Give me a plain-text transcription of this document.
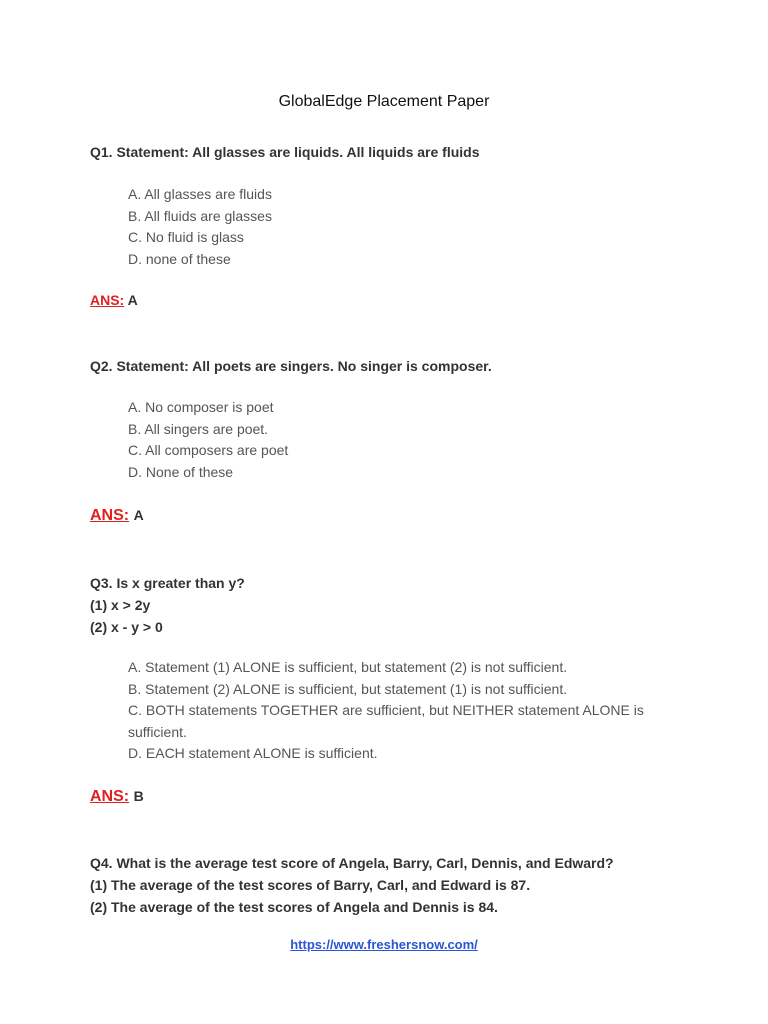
GlobalEdge Placement Paper
Q1. Statement: All glasses are liquids. All liquids are fluids
A. All glasses are fluids
B. All fluids are glasses
C. No fluid is glass
D. none of these
ANS: A
Q2. Statement: All poets are singers. No singer is composer.
A. No composer is poet
B. All singers are poet.
C. All composers are poet
D. None of these
ANS: A
Q3. Is x greater than y?
(1) x > 2y
(2) x - y > 0
A. Statement (1) ALONE is sufficient, but statement (2) is not sufficient.
B. Statement (2) ALONE is sufficient, but statement (1) is not sufficient.
C. BOTH statements TOGETHER are sufficient, but NEITHER statement ALONE is sufficient.
D. EACH statement ALONE is sufficient.
ANS: B
Q4. What is the average test score of Angela, Barry, Carl, Dennis, and Edward?
(1) The average of the test scores of Barry, Carl, and Edward is 87.
(2) The average of the test scores of Angela and Dennis is 84.
https://www.freshersnow.com/
